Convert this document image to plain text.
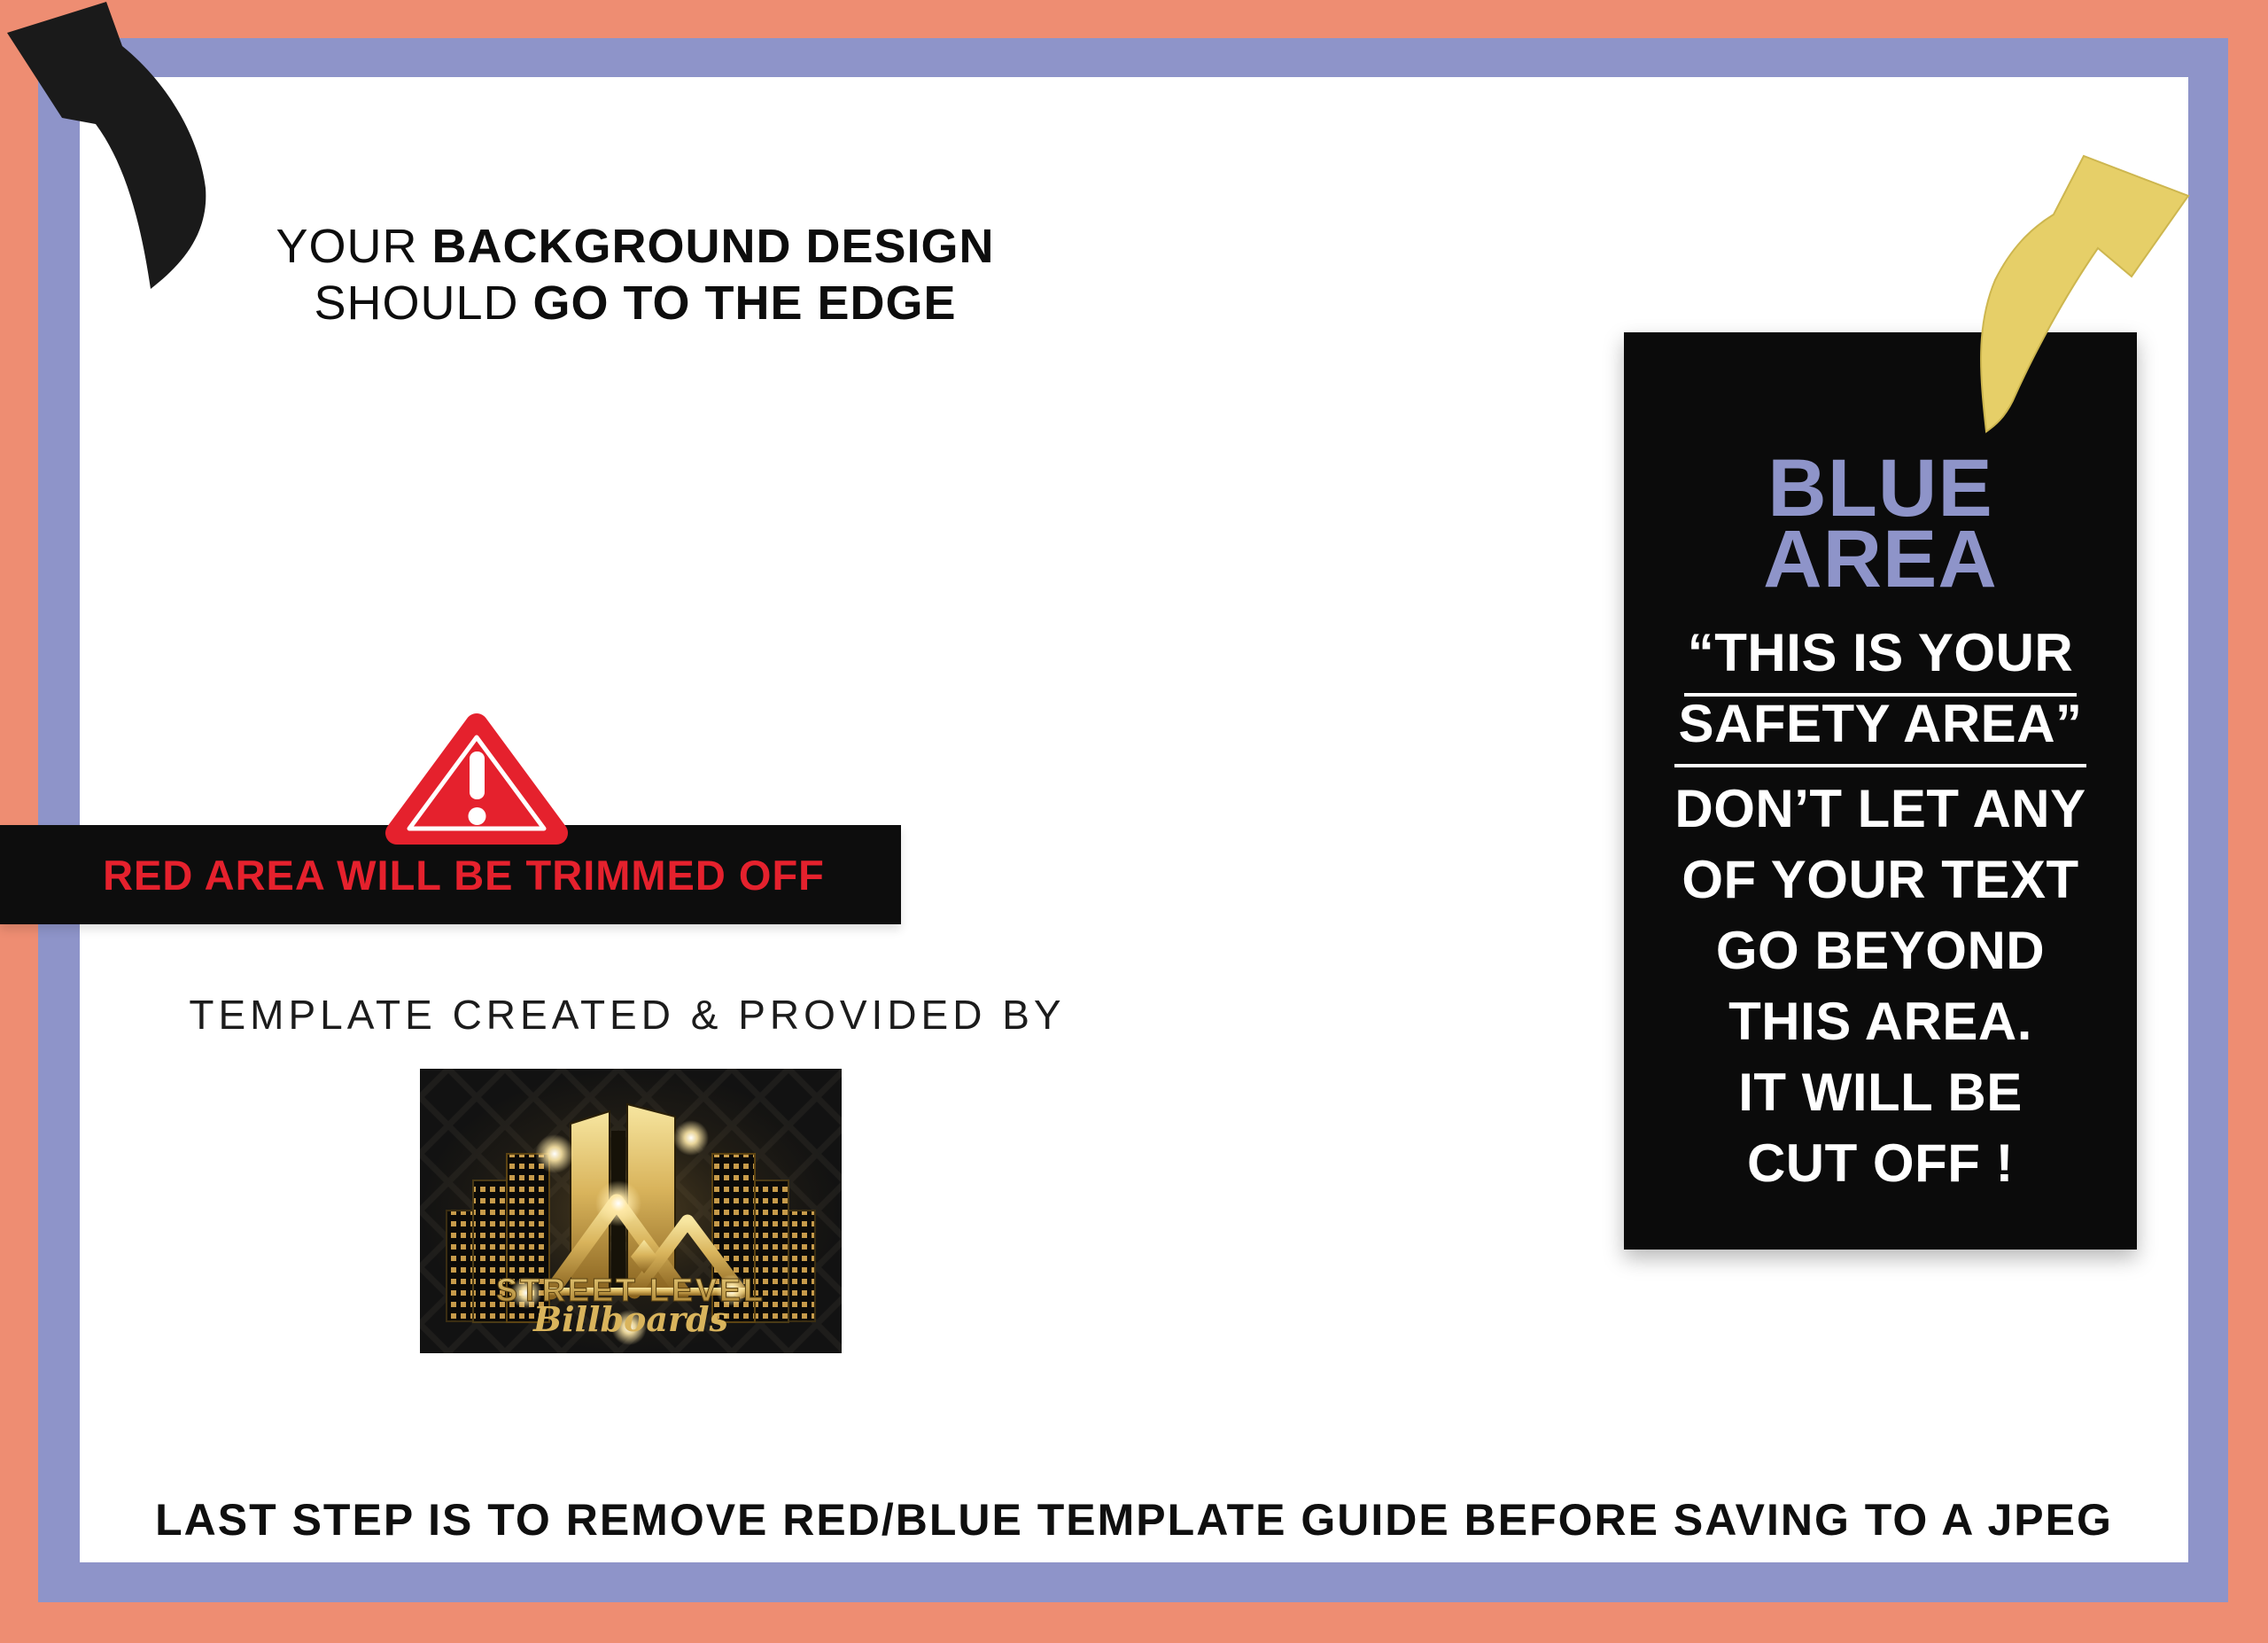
YOUR BACKGROUND DESIGN
SHOULD GO TO THE EDGE
RED AREA WILL BE TRIMMED OFF
TEMPLATE CREATED & PROVIDED BY
STREET LEVEL
Billboards
BLUE
AREA
“THIS IS YOUR
SAFETY AREA”
DON’T LET ANY
OF YOUR TEXT
GO BEYOND
THIS AREA.
IT WILL BE
CUT OFF !
LAST STEP IS TO REMOVE RED/BLUE TEMPLATE GUIDE BEFORE SAVING TO A JPEG
